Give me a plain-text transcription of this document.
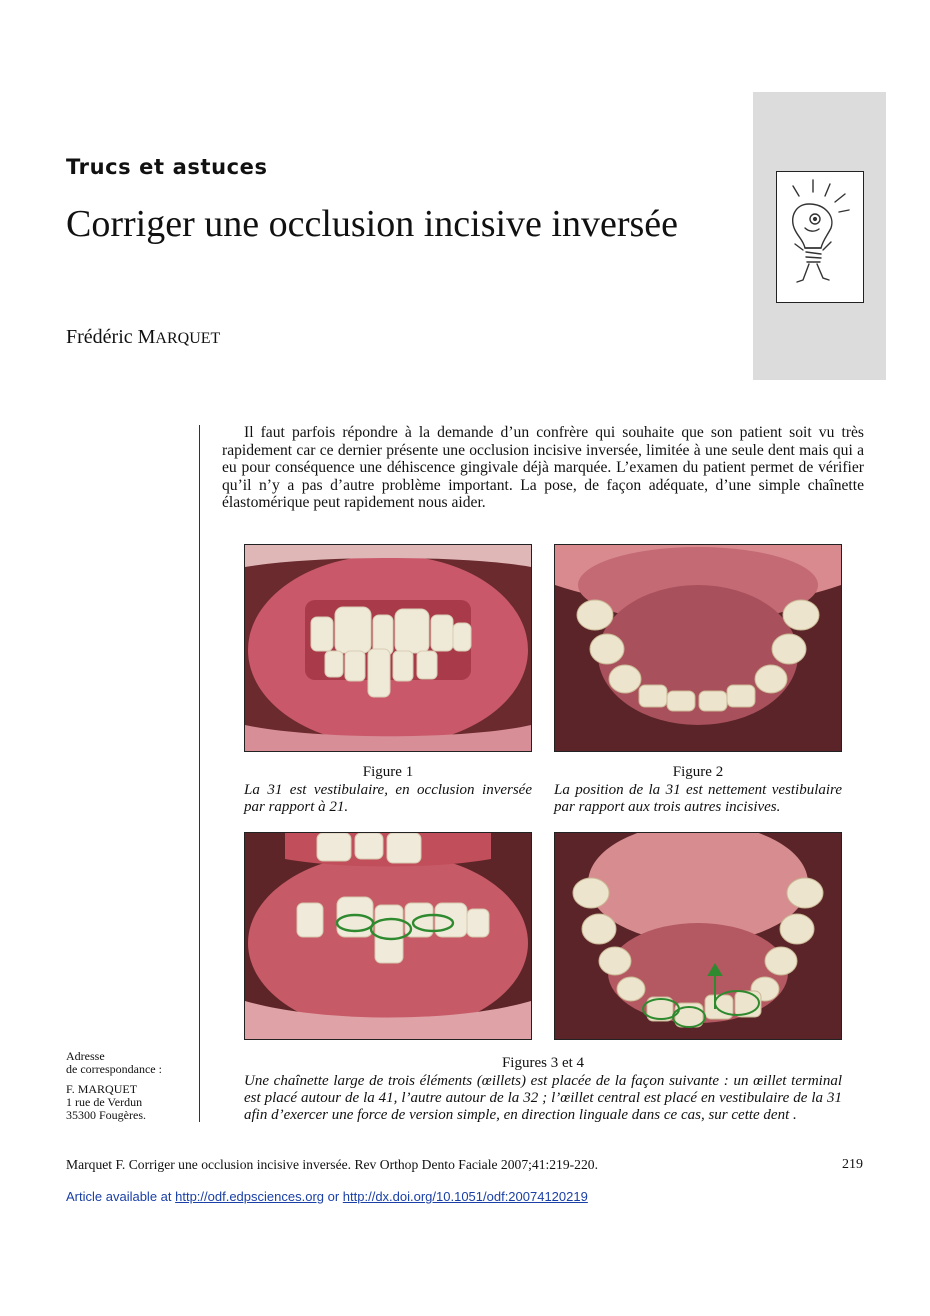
Trucs et astuces
Corriger une occlusion incisive inversée
Frédéric MARQUET
Il faut parfois répondre à la demande d’un confrère qui souhaite que son patient soit vu très rapidement car ce dernier présente une occlusion incisive inversée, limitée à une seule dent mais qui a eu pour conséquence une déhiscence gingivale déjà marquée. L’examen du patient permet de vérifier qu’il n’y a pas d’autre problème important. La pose, de façon adéquate, d’une simple chaînette élastomérique peut rapidement nous aider.
Figure 1
La 31 est vestibulaire, en occlusion inversée par rapport à 21.
Figure 2
La position de la 31 est nettement vestibulaire par rapport aux trois autres incisives.
Figures 3 et 4
Une chaînette large de trois éléments (œillets) est placée de la façon suivante : un œillet terminal est placé autour de la 41, l’autre autour de la 32 ; l’œillet central est placé en vestibulaire de la 31 afin d’exercer une force de version simple, en direction linguale dans ce cas, sur cette dent .
Adresse
de correspondance :
F. MARQUET
1 rue de Verdun
35300 Fougères.
Marquet F. Corriger une occlusion incisive inversée. Rev Orthop Dento Faciale 2007;41:219-220.	219
Article available at http://odf.edpsciences.org or http://dx.doi.org/10.1051/odf:20074120219
